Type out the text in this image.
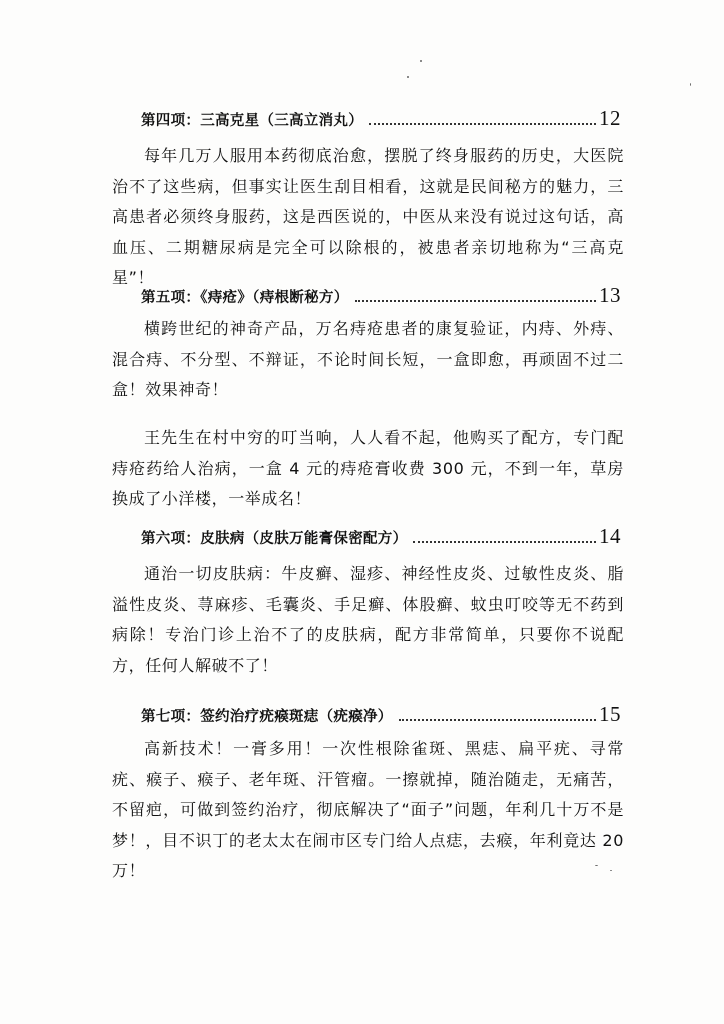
第四项：三高克星（三高立消丸）	12

每年几万人服用本药彻底治愈，摆脱了终身服药的历史，大医院治不了这些病，但事实让医生刮目相看，这就是民间秘方的魅力，三高患者必须终身服药，这是西医说的，中医从来没有说过这句话，高血压、二期糖尿病是完全可以除根的，被患者亲切地称为“三高克星”！

第五项：《痔疮》（痔根断秘方）	13

横跨世纪的神奇产品，万名痔疮患者的康复验证，内痔、外痔、混合痔、不分型、不辩证，不论时间长短，一盒即愈，再顽固不过二盒！效果神奇！

王先生在村中穷的叮当响，人人看不起，他购买了配方，专门配痔疮药给人治病，一盒 4 元的痔疮膏收费 300 元，不到一年，草房换成了小洋楼，一举成名！

第六项：皮肤病（皮肤万能膏保密配方）	14

通治一切皮肤病：牛皮癣、湿疹、神经性皮炎、过敏性皮炎、脂溢性皮炎、荨麻疹、毛囊炎、手足癣、体股癣、蚊虫叮咬等无不药到病除！专治门诊上治不了的皮肤病，配方非常简单，只要你不说配方，任何人解破不了！

第七项：签约治疗疣瘊斑痣（疣瘊净）	15

高新技术！一膏多用！一次性根除雀斑、黑痣、扁平疣、寻常疣、瘊子、瘊子、老年斑、汗管瘤。一擦就掉，随治随走，无痛苦，不留疤，可做到签约治疗，彻底解决了“面子”问题，年利几十万不是梦！，目不识丁的老太太在闹市区专门给人点痣，去瘊，年利竟达 20 万！
